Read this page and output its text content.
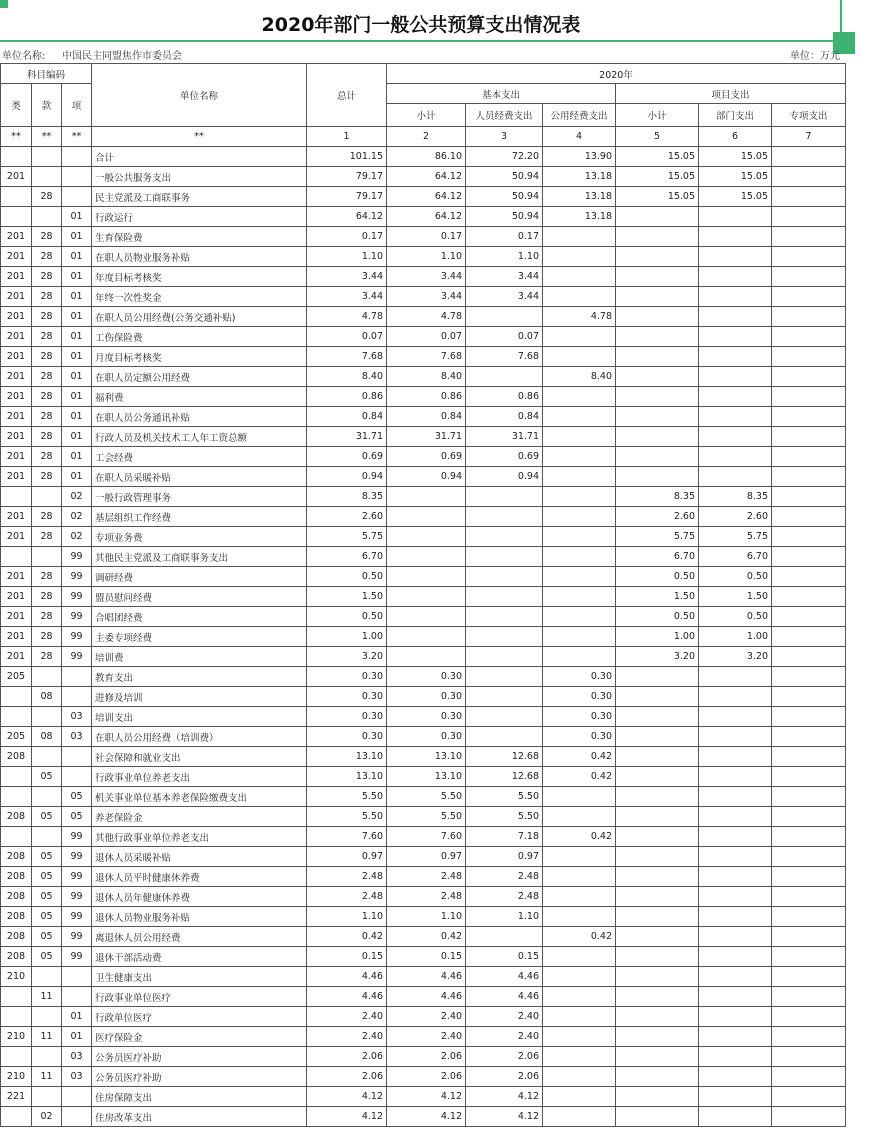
2020年部门一般公共预算支出情况表
单位名称: 中国民主同盟焦作市委员会	单位：万元
科目编码			单位名称	总计	2020年					
类	款	项			基本支出			项目支出		
					小计	人员经费支出	公用经费支出	小计	部门支出	专项支出
**	**	**	**	1	2	3	4	5	6	7
			合计	101.15	86.10	72.20	13.90	15.05	15.05	
201			一般公共服务支出	79.17	64.12	50.94	13.18	15.05	15.05	
	28		民主党派及工商联事务	79.17	64.12	50.94	13.18	15.05	15.05	
		01	行政运行	64.12	64.12	50.94	13.18			
201	28	01	生育保险费	0.17	0.17	0.17				
201	28	01	在职人员物业服务补贴	1.10	1.10	1.10				
201	28	01	年度目标考核奖	3.44	3.44	3.44				
201	28	01	年终一次性奖金	3.44	3.44	3.44				
201	28	01	在职人员公用经费(公务交通补贴)	4.78	4.78		4.78			
201	28	01	工伤保险费	0.07	0.07	0.07				
201	28	01	月度目标考核奖	7.68	7.68	7.68				
201	28	01	在职人员定额公用经费	8.40	8.40		8.40			
201	28	01	福利费	0.86	0.86	0.86				
201	28	01	在职人员公务通讯补贴	0.84	0.84	0.84				
201	28	01	行政人员及机关技术工人年工资总额	31.71	31.71	31.71				
201	28	01	工会经费	0.69	0.69	0.69				
201	28	01	在职人员采暖补贴	0.94	0.94	0.94				
		02	一般行政管理事务	8.35				8.35	8.35	
201	28	02	基层组织工作经费	2.60				2.60	2.60	
201	28	02	专项业务费	5.75				5.75	5.75	
		99	其他民主党派及工商联事务支出	6.70				6.70	6.70	
201	28	99	调研经费	0.50				0.50	0.50	
201	28	99	盟员慰问经费	1.50				1.50	1.50	
201	28	99	合唱团经费	0.50				0.50	0.50	
201	28	99	主委专项经费	1.00				1.00	1.00	
201	28	99	培训费	3.20				3.20	3.20	
205			教育支出	0.30	0.30		0.30			
	08		进修及培训	0.30	0.30		0.30			
		03	培训支出	0.30	0.30		0.30			
205	08	03	在职人员公用经费（培训费）	0.30	0.30		0.30			
208			社会保障和就业支出	13.10	13.10	12.68	0.42			
	05		行政事业单位养老支出	13.10	13.10	12.68	0.42			
		05	机关事业单位基本养老保险缴费支出	5.50	5.50	5.50				
208	05	05	养老保险金	5.50	5.50	5.50				
		99	其他行政事业单位养老支出	7.60	7.60	7.18	0.42			
208	05	99	退休人员采暖补贴	0.97	0.97	0.97				
208	05	99	退休人员平时健康休养费	2.48	2.48	2.48				
208	05	99	退休人员年健康休养费	2.48	2.48	2.48				
208	05	99	退休人员物业服务补贴	1.10	1.10	1.10				
208	05	99	离退休人员公用经费	0.42	0.42		0.42			
208	05	99	退休干部活动费	0.15	0.15	0.15				
210			卫生健康支出	4.46	4.46	4.46				
	11		行政事业单位医疗	4.46	4.46	4.46				
		01	行政单位医疗	2.40	2.40	2.40				
210	11	01	医疗保险金	2.40	2.40	2.40				
		03	公务员医疗补助	2.06	2.06	2.06				
210	11	03	公务员医疗补助	2.06	2.06	2.06				
221			住房保障支出	4.12	4.12	4.12				
	02		住房改革支出	4.12	4.12	4.12				
